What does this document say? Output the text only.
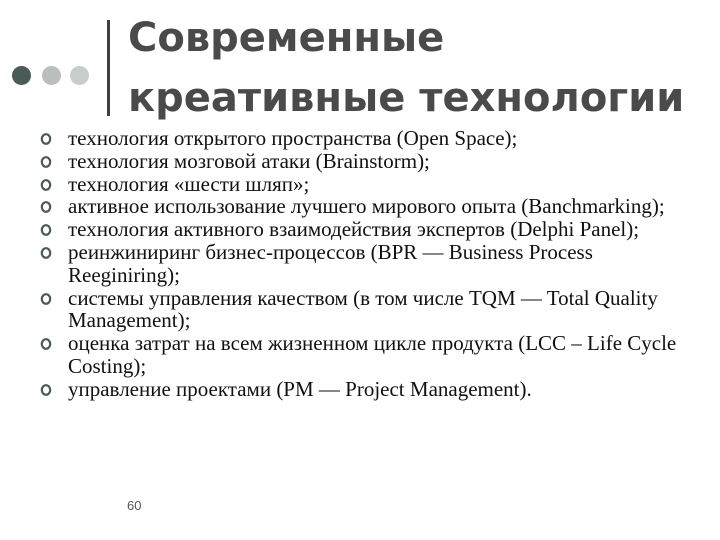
Современные
креативные технологии
технология открытого пространства (Open Space);
технология мозговой атаки (Brainstorm);
технология «шести шляп»;
активное использование лучшего мирового опыта (Banchmarking);
технология активного взаимодействия экспертов (Delphi Panel);
реинжиниринг бизнес-процессов (BPR — Business Process Reeginiring);
системы управления качеством (в том числе TQM — Total Quality Management);
оценка затрат на всем жизненном цикле продукта (LCC – Life Cycle Costing);
управление проектами (PM — Project Management).
60
